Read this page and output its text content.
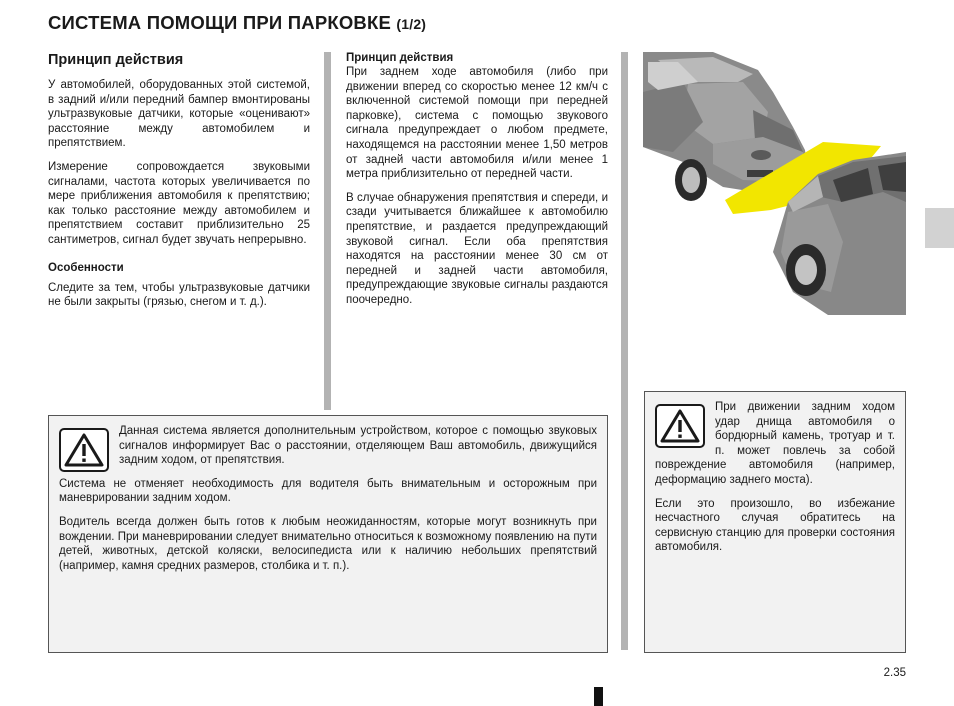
СИСТЕМА ПОМОЩИ ПРИ ПАРКОВКЕ (1/2)
Принцип действия

У автомобилей, оборудованных этой системой, в задний и/или передний бампер вмонтированы ультразвуковые датчики, которые «оценивают» расстояние между автомобилем и препятствием.

Измерение сопровождается звуковыми сигналами, частота которых увеличивается по мере приближения автомобиля к препятствию; как только расстояние между автомобилем и препятствием составит приблизительно 25 сантиметров, сигнал будет звучать непрерывно.

Особенности

Следите за тем, чтобы ультразвуковые датчики не были закрыты (грязью, снегом и т. д.).

Принцип действия

При заднем ходе автомобиля (либо при движении вперед со скоростью менее 12 км/ч с включенной системой помощи при передней парковке), система с помощью звукового сигнала предупреждает о любом предмете, находящемся на расстоянии менее 1,50 метров от задней части автомобиля и/или менее 1 метра приблизительно от передней части.

В случае обнаружения препятствия и спереди, и сзади учитывается ближайшее к автомобилю препятствие, и раздается предупреждающий звуковой сигнал. Если оба препятствия находятся на расстоянии менее 30 см от передней и задней части автомобиля, предупреждающие звуковые сигналы раздаются поочередно.

Данная система является дополнительным устройством, которое с помощью звуковых сигналов информирует Вас о расстоянии, отделяющем Ваш автомобиль, движущийся задним ходом, от препятствия.

Система не отменяет необходимость для водителя быть внимательным и осторожным при маневрировании задним ходом.

Водитель всегда должен быть готов к любым неожиданностям, которые могут возникнуть при вождении. При маневрировании следует внимательно относиться к возможному появлению на пути детей, животных, детской коляски, велосипедиста или к наличию небольших препятствий (например, камня средних размеров, столбика и т. п.).

При движении задним ходом удар днища автомобиля о бордюрный камень, тротуар и т. п. может повлечь за собой повреждение автомобиля (например, деформацию заднего моста).

Если это произошло, во избежание несчастного случая обратитесь на сервисную станцию для проверки состояния автомобиля.

2.35
